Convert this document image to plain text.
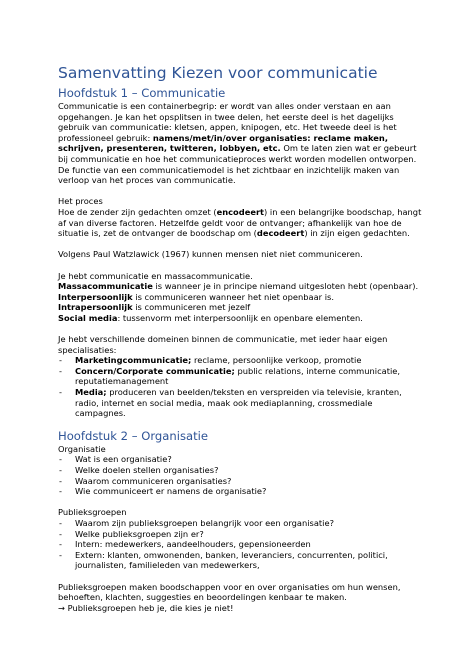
Samenvatting Kiezen voor communicatie
Hoofdstuk 1 – Communicatie

Communicatie is een containerbegrip: er wordt van alles onder verstaan en aan opgehangen. Je kan het opsplitsen in twee delen, het eerste deel is het dagelijks gebruik van communicatie: kletsen, appen, knipogen, etc. Het tweede deel is het professioneel gebruik: namens/met/in/over organisaties: reclame maken, schrijven, presenteren, twitteren, lobbyen, etc. Om te laten zien wat er gebeurt bij communicatie en hoe het communicatieproces werkt worden modellen ontworpen. De functie van een communicatiemodel is het zichtbaar en inzichtelijk maken van verloop van het proces van communicatie.

Het proces

Hoe de zender zijn gedachten omzet (encodeert) in een belangrijke boodschap, hangt af van diverse factoren. Hetzelfde geldt voor de ontvanger; afhankelijk van hoe de situatie is, zet de ontvanger de boodschap om (decodeert) in zijn eigen gedachten.

Volgens Paul Watzlawick (1967) kunnen mensen niet niet communiceren.

Je hebt communicatie en massacommunicatie.

Massacommunicatie is wanneer je in principe niemand uitgesloten hebt (openbaar).

Interpersoonlijk is communiceren wanneer het niet openbaar is.

Intrapersoonlijk is communiceren met jezelf

Social media: tussenvorm met interpersoonlijk en openbare elementen.

Je hebt verschillende domeinen binnen de communicatie, met ieder haar eigen specialisaties:

- Marketingcommunicatie; reclame, persoonlijke verkoop, promotie
- Concern/Corporate communicatie; public relations, interne communicatie, reputatiemanagement
- Media; produceren van beelden/teksten en verspreiden via televisie, kranten, radio, internet en social media, maak ook mediaplanning, crossmediale campagnes.
Hoofdstuk 2 – Organisatie

Organisatie

- Wat is een organisatie?
- Welke doelen stellen organisaties?
- Waarom communiceren organisaties?
- Wie communiceert er namens de organisatie?

Publieksgroepen

- Waarom zijn publieksgroepen belangrijk voor een organisatie?
- Welke publieksgroepen zijn er?
- Intern: medewerkers, aandeelhouders, gepensioneerden
- Extern: klanten, omwonenden, banken, leveranciers, concurrenten, politici, journalisten, familieleden van medewerkers,

Publieksgroepen maken boodschappen voor en over organisaties om hun wensen, behoeften, klachten, suggesties en beoordelingen kenbaar te maken.

→ Publieksgroepen heb je, die kies je niet!
